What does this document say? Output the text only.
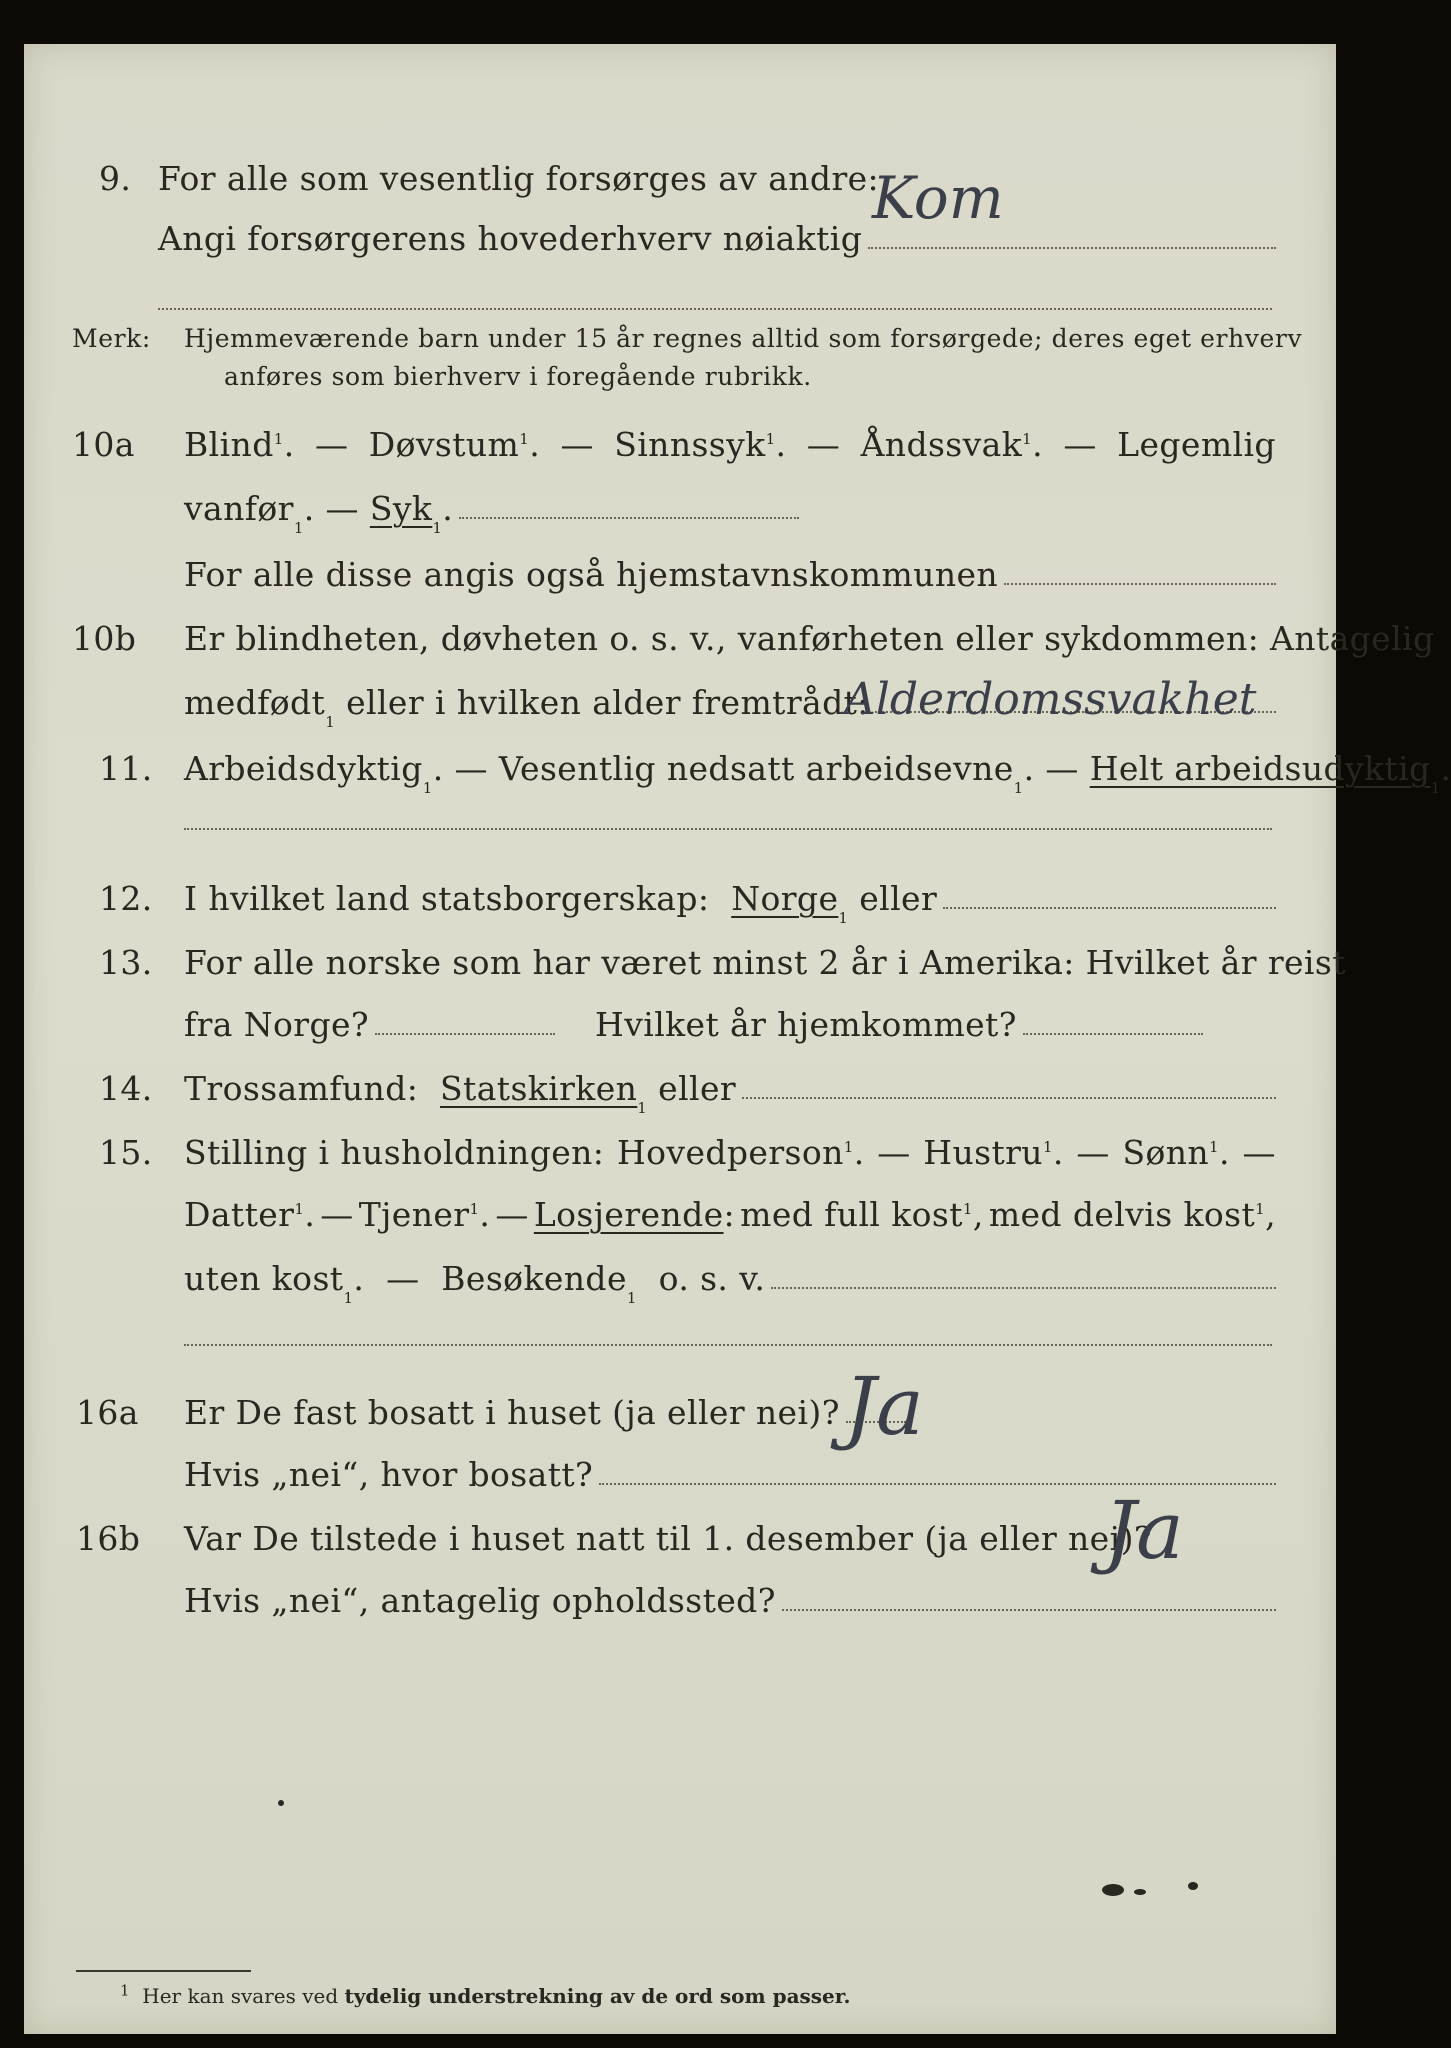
9. For alle som vesentlig forsørges av andre:
Angi forsørgerens hovederhverv nøiaktig
Kom
Merk: Hjemmeværende barn under 15 år regnes alltid som forsørgede; deres eget erhverv
anføres som bierhverv i foregående rubrikk.
10a Blind$^1$. — Døvstum$^1$. — Sinnssyk$^1$. — Åndssvak$^1$. — Legemlig
vanfør 1 . — Syk 1 .
For alle disse angis også hjemstavnskommunen
10b Er blindheten, døvheten o. s. v., vanførheten eller sykdommen: Antagelig
medfødt 1
eller i hvilken alder fremtrådt:
Alderdomssvakhet
11. Arbeidsdyktig 1 . — Vesentlig nedsatt arbeidsevne 1 . — Helt arbeidsudyktig 1 .
12. I hvilket land statsborgerskap:
Norge 1
eller
13. For alle norske som har været minst 2 år i Amerika: Hvilket år reist
fra Norge?	Hvilket år hjemkommet?
14. Trossamfund:
Statskirken 1
eller
15. Stilling i husholdningen: Hovedperson$^1$. — Hustru$^1$. — Sønn$^1$. —
Datter$^1$. — Tjener$^1$. — Losjerende: med full kost$^1$, med delvis kost$^1$,
uten kost 1 .  — Besøkende 1
o. s. v.
16a Er De fast bosatt i huset (ja eller nei)? Ja
Hvis „nei“, hvor bosatt?
16b Var De tilstede i huset natt til 1. desember (ja eller nei)?
Ja
Hvis „nei“, antagelig opholdssted?
$^1$ Her kan svares ved tydelig understrekning av de ord som passer.
